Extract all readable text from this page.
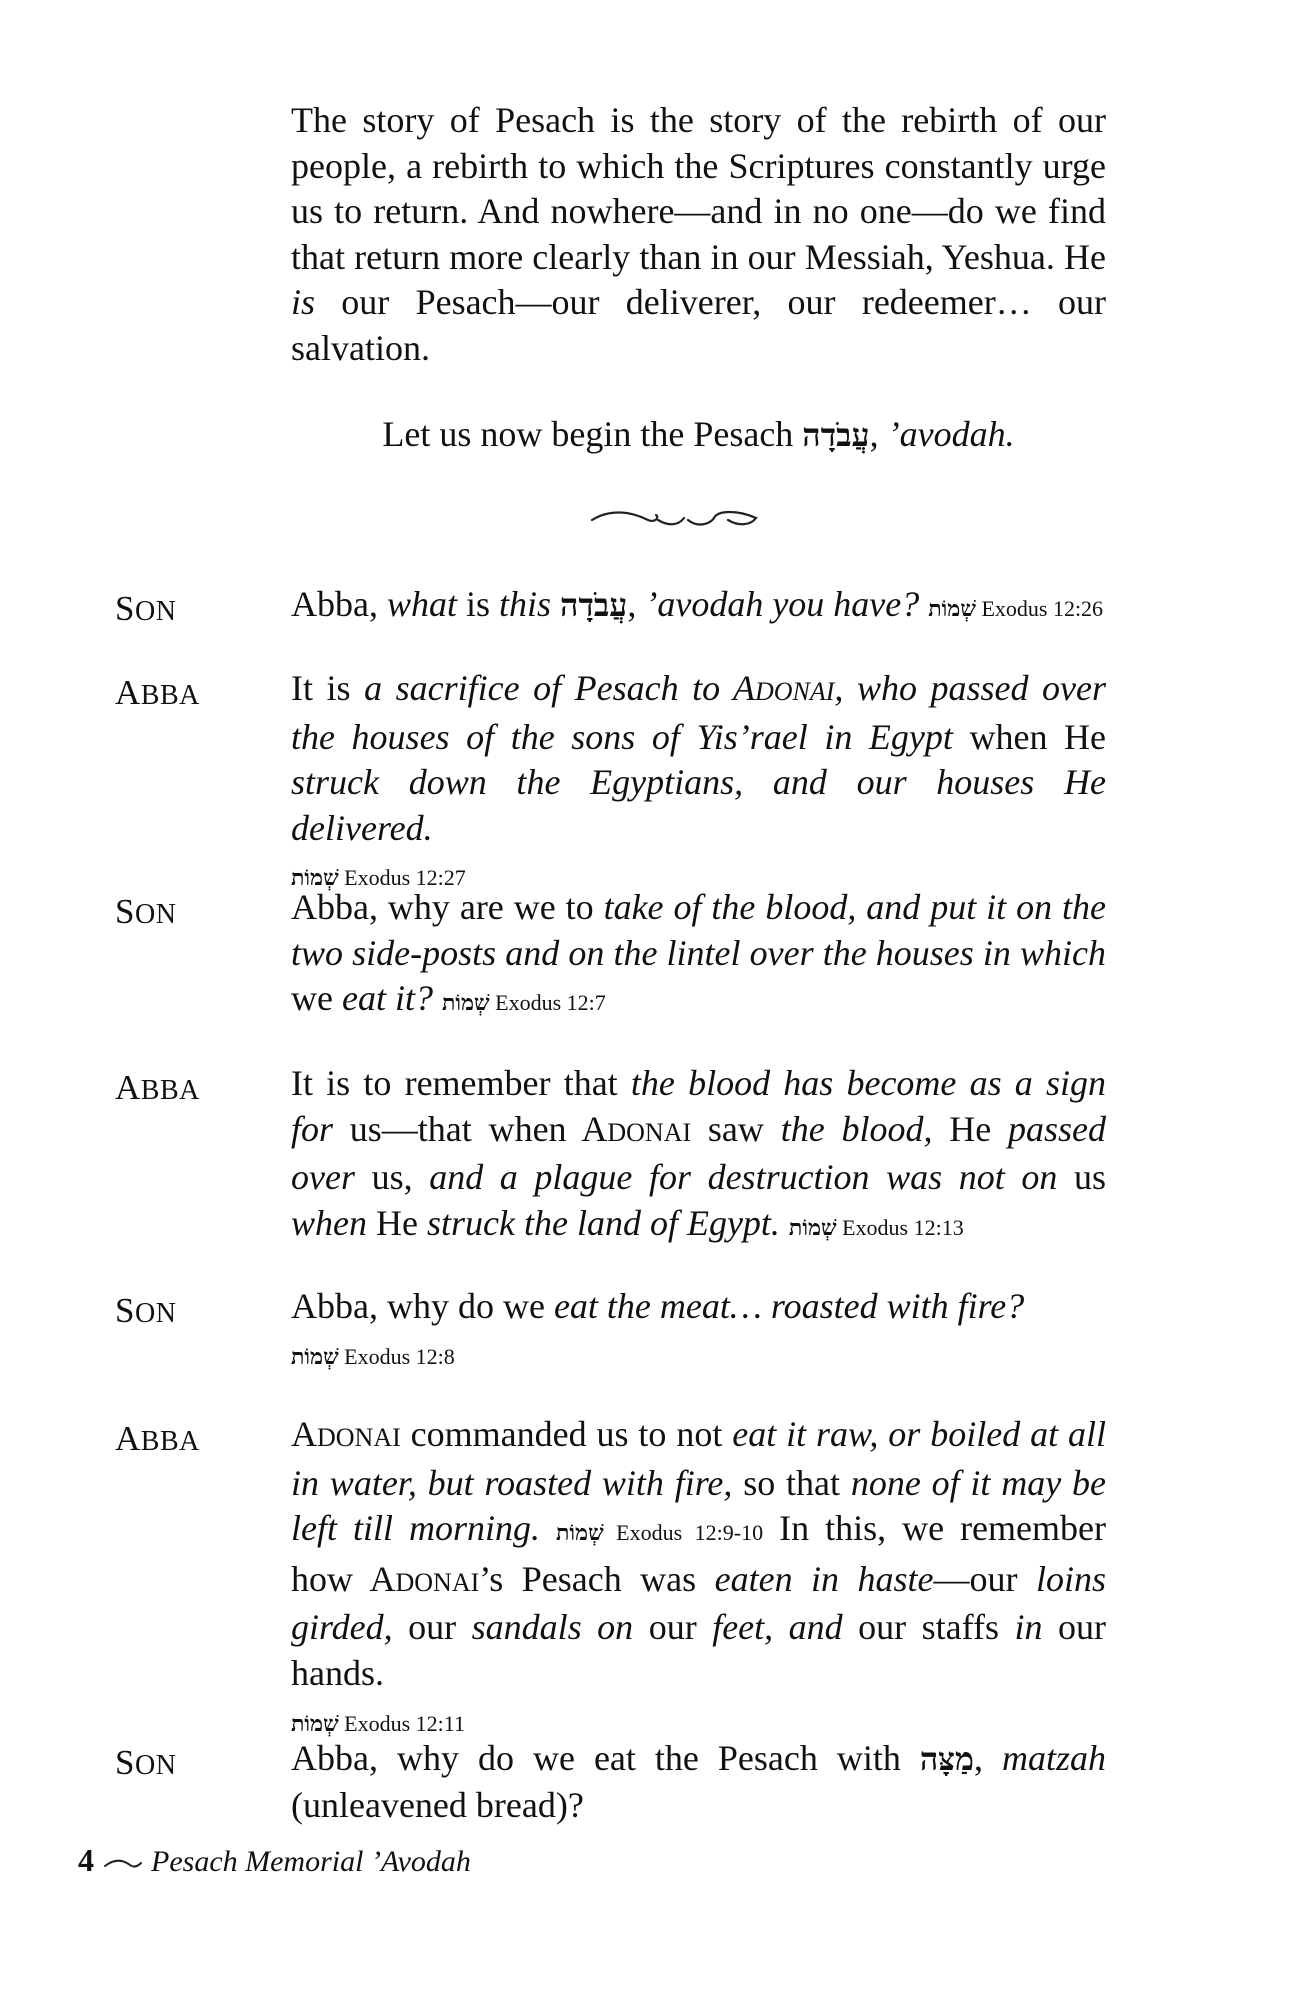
The story of Pesach is the story of the rebirth of our people, a rebirth to which the Scriptures constantly urge us to return. And nowhere—and in no one—do we find that return more clearly than in our Messiah, Yeshua. He is our Pesach—our deliverer, our redeemer… our salvation.

Let us now begin the Pesach עֲבֹדָה, ’avodah.
SON	Abba, what is this עֲבֹדָה, ’avodah you have? שְׁמוֹת Exodus 12:26
ABBA	It is a sacrifice of Pesach to ADONAI, who passed over the houses of the sons of Yis’rael in Egypt when He struck down the Egyptians, and our houses He delivered.
שְׁמוֹת Exodus 12:27
SON	Abba, why are we to take of the blood, and put it on the two side-posts and on the lintel over the houses in which we eat it? שְׁמוֹת Exodus 12:7
ABBA	It is to remember that the blood has become as a sign for us—that when ADONAI saw the blood, He passed over us, and a plague for destruction was not on us when He struck the land of Egypt. שְׁמוֹת Exodus 12:13
SON	Abba, why do we eat the meat… roasted with fire?
שְׁמוֹת Exodus 12:8
ABBA	ADONAI commanded us to not eat it raw, or boiled at all in water, but roasted with fire, so that none of it may be left till morning. שְׁמוֹת Exodus 12:9-10 In this, we remember how ADONAI’s Pesach was eaten in haste—our loins girded, our sandals on our feet, and our staffs in our hands.
שְׁמוֹת Exodus 12:11
SON	Abba, why do we eat the Pesach with מַצָּה, matzah (unleavened bread)?
4 Pesach Memorial ’Avodah
